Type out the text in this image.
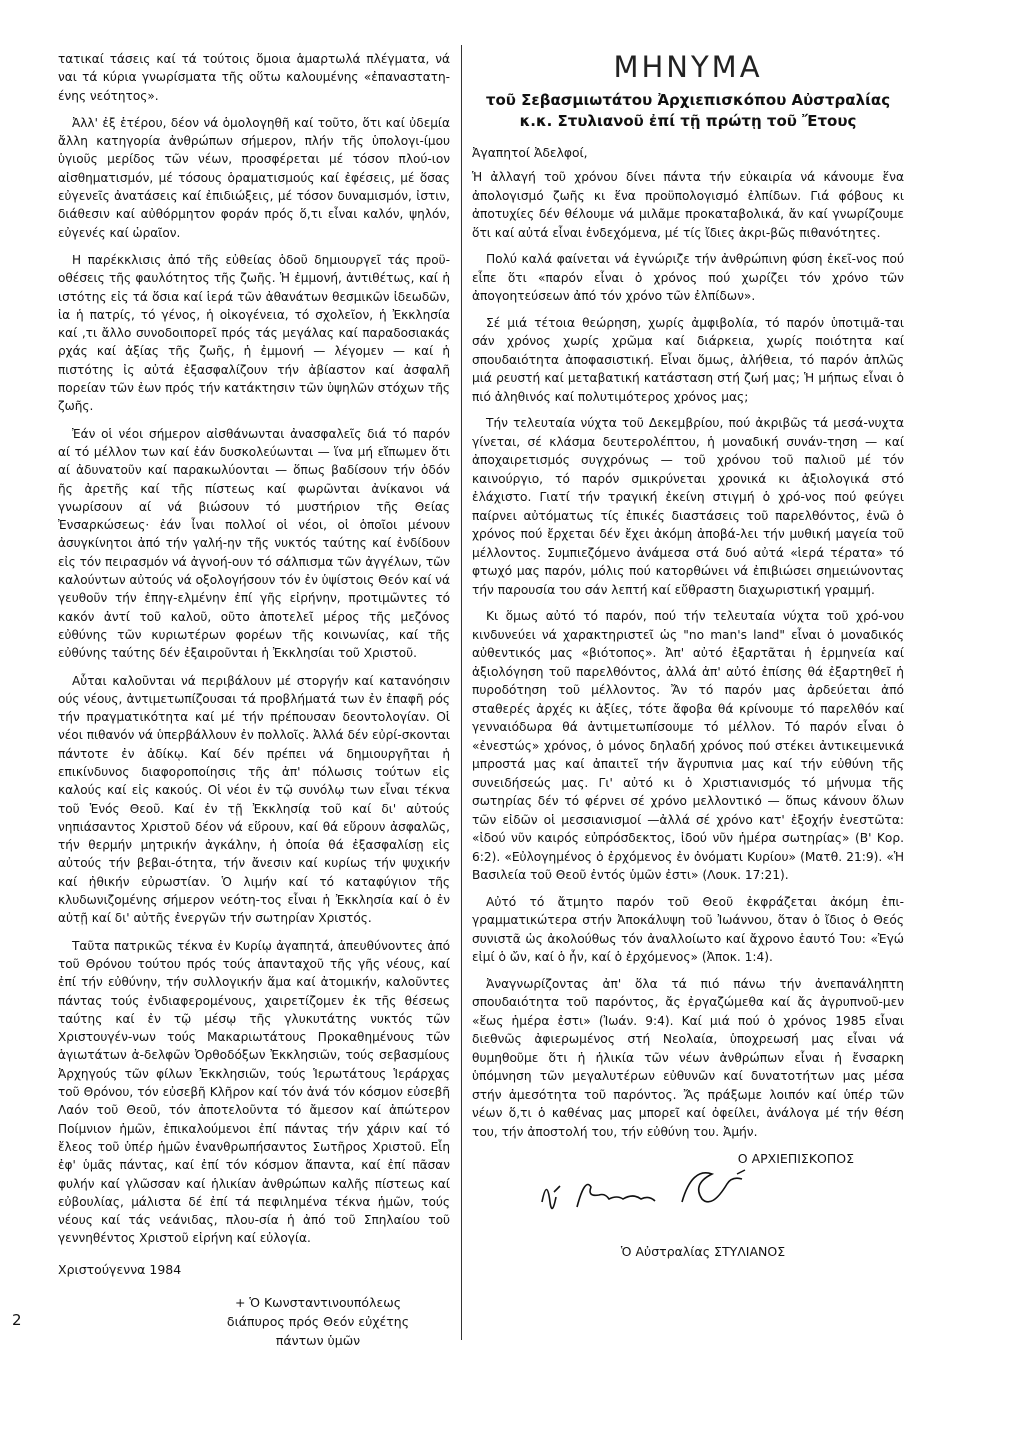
τατικαί τάσεις καί τά τούτοις ὅμοια ἁμαρτωλά πλέγματα, νά ναι τά κύρια γνωρίσματα τῆς οὕτω καλουμένης «ἐπαναστατη-ένης νεότητος».

Ἀλλ' ἐξ ἑτέρου, δέον νά ὁμολογηθῆ καί τοῦτο, ὅτι καί ὐδεμία ἄλλη κατηγορία ἀνθρώπων σήμερον, πλήν τῆς ὑπολογι-ίμου ὑγιοῦς μερίδος τῶν νέων, προσφέρεται μέ τόσον πλού-ιον αἰσθηματισμόν, μέ τόσους ὁραματισμούς καί ἐφέσεις, μέ ὅσας εὐγενεῖς ἀνατάσεις καί ἐπιδιώξεις, μέ τόσον δυναμισμόν, ἰστιν, διάθεσιν καί αὐθόρμητον φοράν πρός ὅ,τι εἶναι καλόν, ψηλόν, εὐγενές καί ὡραῖον.

Η παρέκκλισις ἀπό τῆς εὐθείας ὁδοῦ δημιουργεῖ τάς προϋ-οθέσεις τῆς φαυλότητος τῆς ζωῆς. Ἡ ἐμμονή, ἀντιθέτως, καί ἡ ιστότης εἰς τά ὅσια καί ἱερά τῶν ἀθανάτων θεσμικῶν ἰδεωδῶν, ἰα ἡ πατρίς, τό γένος, ἡ οἰκογένεια, τό σχολεῖον, ἡ Ἐκκλησία καί ,τι ἄλλο συνοδοιπορεῖ πρός τάς μεγάλας καί παραδοσιακάς ρχάς καί ἀξίας τῆς ζωῆς, ἡ ἐμμονή — λέγομεν — καί ἡ πιστότης ἰς αὐτά ἐξασφαλίζουν τήν ἀβίαστον καί ἀσφαλῆ πορείαν τῶν ἐων πρός τήν κατάκτησιν τῶν ὑψηλῶν στόχων τῆς ζωῆς.

Ἐάν οἱ νέοι σήμερον αἰσθάνωνται ἀνασφαλεῖς διά τό παρόν αί τό μέλλον των καί ἐάν δυσκολεύωνται — ἵνα μή εἴπωμεν ὅτι αί ἀδυνατοῦν καί παρακωλύονται — ὅπως βαδίσουν τήν ὁδόν ῆς ἀρετῆς καί τῆς πίστεως καί φωρῶνται ἀνίκανοι νά γνωρίσουν αί νά βιώσουν τό μυστήριον τῆς Θείας Ἐνσαρκώσεως· ἐάν ἶναι πολλοί οἱ νέοι, οἱ ὁποῖοι μένουν ἀσυγκίνητοι ἀπό τήν γαλή-ην τῆς νυκτός ταύτης καί ἐνδίδουν εἰς τόν πειρασμόν νά ἀγνοή-ουν τό σάλπισμα τῶν ἀγγέλων, τῶν καλούντων αὐτούς νά οξολογήσουν τόν ἐν ὑψίστοις Θεόν καί νά γευθοῦν τήν ἐπηγ-ελμένην ἐπί γῆς εἰρήνην, προτιμῶντες τό κακόν ἀντί τοῦ καλοῦ, οῦτο ἀποτελεῖ μέρος τῆς μεζόνος εὐθύνης τῶν κυριωτέρων φορέων τῆς κοινωνίας, καί τῆς εὐθύνης ταύτης δέν ἐξαιροῦνται ἡ Ἐκκλησίαι τοῦ Χριστοῦ.

Αὗται καλοῦνται νά περιβάλουν μέ στοργήν καί κατανόησιν ούς νέους, ἀντιμετωπίζουσαι τά προβλήματά των ἐν ἐπαφῆ ρός τήν πραγματικότητα καί μέ τήν πρέπουσαν δεοντολογίαν. Οἱ νέοι πιθανόν νά ὑπερβάλλουν ἐν πολλοῖς. Ἀλλά δέν εὐρί-σκονται πάντοτε ἐν ἀδίκῳ. Καί δέν πρέπει νά δημιουργῆται ἡ επικίνδυνος διαφοροποίησις τῆς ἀπ' πόλωσις τούτων εἰς καλούς καί εἰς κακούς. Οἱ νέοι ἐν τῷ συνόλῳ των εἶναι τέκνα τοῦ Ἑνός Θεοῦ. Καί ἐν τῇ Ἐκκλησίᾳ τοῦ καί δι' αὐτούς νηπιάσαντος Χριστοῦ δέον νά εὕρουν, καί θά εὕρουν ἀσφαλῶς, τήν θερμήν μητρικήν ἀγκάλην, ἡ ὁποία θά ἐξασφαλίσῃ εἰς αὐτούς τήν βεβαι-ότητα, τήν ἄνεσιν καί κυρίως τήν ψυχικήν καί ἠθικήν εὐρωστίαν. Ὁ λιμήν καί τό καταφύγιον τῆς κλυδωνιζομένης σήμερον νεότη-τος εἶναι ἡ Ἐκκλησία καί ὁ ἐν αὐτῇ καί δι' αὐτῆς ἐνεργῶν τήν σωτηρίαν Χριστός.

Ταῦτα πατρικῶς τέκνα ἐν Κυρίῳ ἀγαπητά, ἀπευθύνοντες ἀπό τοῦ Θρόνου τούτου πρός τούς ἁπανταχοῦ τῆς γῆς νέους, καί ἐπί τήν εὐθύνην, τήν συλλογικήν ἅμα καί ἀτομικήν, καλοῦντες πάντας τούς ἐνδιαφερομένους, χαιρετίζομεν ἐκ τῆς θέσεως ταύτης καί ἐν τῷ μέσῳ τῆς γλυκυτάτης νυκτός τῶν Χριστουγέν-νων τούς Μακαριωτάτους Προκαθημένους τῶν ἁγιωτάτων ἀ-δελφῶν Ὀρθοδόξων Ἐκκλησιῶν, τούς σεβασμίους Ἀρχηγούς τῶν φίλων Ἐκκλησιῶν, τούς Ἱερωτάτους Ἱεράρχας τοῦ Θρόνου, τόν εὐσεβῆ Κλῆρον καί τόν ἀνά τόν κόσμον εὐσεβῆ Λαόν τοῦ Θεοῦ, τόν ἀποτελοῦντα τό ἄμεσον καί ἀπώτερον Ποίμνιον ἡμῶν, ἐπικαλούμενοι ἐπί πάντας τήν χάριν καί τό ἔλεος τοῦ ὑπέρ ἡμῶν ἐνανθρωπήσαντος Σωτῆρος Χριστοῦ. Εἶη ἐφ' ὑμᾶς πάντας, καί ἐπί τόν κόσμον ἅπαντα, καί ἐπί πᾶσαν φυλήν καί γλῶσσαν καί ἡλικίαν ἀνθρώπων καλῆς πίστεως καί εὐβουλίας, μάλιστα δέ ἐπί τά πεφιλημένα τέκνα ἡμῶν, τούς νέους καί τάς νεάνιδας, πλου-σία ἡ ἀπό τοῦ Σπηλαίου τοῦ γεννηθέντος Χριστοῦ εἰρήνη καί εὐλογία.

Χριστούγεννα 1984
+ Ὁ Κωνσταντινουπόλεως
διάπυρος πρός Θεόν εὐχέτης πάντων ὑμῶν
ΜΗΝΥΜΑ
τοῦ Σεβασμιωτάτου Ἀρχιεπισκόπου Αὐστραλίας
κ.κ. Στυλιανοῦ ἐπί τῇ πρώτῃ τοῦ Ἔτους
Ἀγαπητοί Ἀδελφοί,

Ἡ ἀλλαγή τοῦ χρόνου δίνει πάντα τήν εὐκαιρία νά κάνουμε ἕνα ἀπολογισμό ζωῆς κι ἕνα προϋπολογισμό ἐλπίδων. Γιά φόβους κι ἀποτυχίες δέν θέλουμε νά μιλᾶμε προκαταβολικά, ἄν καί γνωρίζουμε ὅτι καί αὐτά εἶναι ἐνδεχόμενα, μέ τίς ἴδιες ἀκρι-βῶς πιθανότητες.

Πολύ καλά φαίνεται νά ἐγνώριζε τήν ἀνθρώπινη φύση ἐκεῖ-νος πού εἶπε ὅτι «παρόν εἶναι ὁ χρόνος πού χωρίζει τόν χρόνο τῶν ἀπογοητεύσεων ἀπό τόν χρόνο τῶν ἐλπίδων».

Σέ μιά τέτοια θεώρηση, χωρίς ἀμφιβολία, τό παρόν ὑποτιμᾶ-ται σάν χρόνος χωρίς χρῶμα καί διάρκεια, χωρίς ποιότητα καί σπουδαιότητα ἀποφασιστική. Εἶναι ὅμως, ἀλήθεια, τό παρόν ἁπλῶς μιά ρευστή καί μεταβατική κατάσταση στή ζωή μας; Ἡ μήπως εἶναι ὁ πιό ἀληθινός καί πολυτιμότερος χρόνος μας;

Τήν τελευταία νύχτα τοῦ Δεκεμβρίου, πού ἀκριβῶς τά μεσά-νυχτα γίνεται, σέ κλάσμα δευτερολέπτου, ἡ μοναδική συνάν-τηση — καί ἀποχαιρετισμός συγχρόνως — τοῦ χρόνου τοῦ παλιοῦ μέ τόν καινούργιο, τό παρόν σμικρύνεται χρονικά κι ἀξιολογικά στό ἐλάχιστο. Γιατί τήν τραγική ἐκείνη στιγμή ὁ χρό-νος πού φεύγει παίρνει αὐτόματως τίς ἐπικές διαστάσεις τοῦ παρελθόντος, ἐνῶ ὁ χρόνος πού ἔρχεται δέν ἔχει ἀκόμη ἀποβά-λει τήν μυθική μαγεία τοῦ μέλλοντος. Συμπιεζόμενο ἀνάμεσα στά δυό αὐτά «ἱερά τέρατα» τό φτωχό μας παρόν, μόλις πού κατορθώνει νά ἐπιβιώσει σημειώνοντας τήν παρουσία του σάν λεπτή καί εὔθραστη διαχωριστική γραμμή.

Κι ὅμως αὐτό τό παρόν, πού τήν τελευταία νύχτα τοῦ χρό-νου κινδυνεύει νά χαρακτηριστεῖ ὡς "no man's land" εἶναι ὁ μοναδικός αὐθεντικός μας «βιότοπος». Ἀπ' αὐτό ἐξαρτᾶται ἡ ἑρμηνεία καί ἀξιολόγηση τοῦ παρελθόντος, ἀλλά ἀπ' αὐτό ἐπίσης θά ἐξαρτηθεῖ ἡ πυροδότηση τοῦ μέλλοντος. Ἄν τό παρόν μας ἀρδεύεται ἀπό σταθερές ἀρχές κι ἀξίες, τότε ἄφοβα θά κρίνουμε τό παρελθόν καί γενναιόδωρα θά ἀντιμετωπίσουμε τό μέλλον. Τό παρόν εἶναι ὁ «ἐνεστώς» χρόνος, ὁ μόνος δηλαδή χρόνος πού στέκει ἀντικειμενικά μπροστά μας καί ἀπαιτεῖ τήν ἄγρυπνια μας καί τήν εὐθύνη τῆς συνειδήσεώς μας. Γι' αὐτό κι ὁ Χριστιανισμός τό μήνυμα τῆς σωτηρίας δέν τό φέρνει σέ χρόνο μελλοντικό — ὅπως κάνουν ὅλων τῶν εἰδῶν οἱ μεσσιανισμοί —ἀλλά σέ χρόνο κατ' ἐξοχήν ἐνεστῶτα: «ἰδού νῦν καιρός εὐπρόσδεκτος, ἰδού νῦν ἡμέρα σωτηρίας» (Β' Κορ. 6:2). «Εὐλογημένος ὁ ἐρχόμενος ἐν ὀνόματι Κυρίου» (Ματθ. 21:9). «Ἡ Βασιλεία τοῦ Θεοῦ ἐντός ὑμῶν ἐστι» (Λουκ. 17:21).

Αὐτό τό ἄτμητο παρόν τοῦ Θεοῦ ἐκφράζεται ἀκόμη ἐπι-γραμματικώτερα στήν Ἀποκάλυψη τοῦ Ἰωάννου, ὅταν ὁ ἴδιος ὁ Θεός συνιστᾶ ὡς ἀκολούθως τόν ἀναλλοίωτο καί ἄχρονο ἑαυτό Του: «Ἐγώ εἰμί ὁ ὤν, καί ὁ ἦν, καί ὁ ἐρχόμενος» (Ἀποκ. 1:4).

Ἀναγνωρίζοντας ἀπ' ὅλα τά πιό πάνω τήν ἀνεπανάληπτη σπουδαιότητα τοῦ παρόντος, ἄς ἐργαζώμεθα καί ἄς ἀγρυπνοῦ-μεν «ἕως ἡμέρα ἐστι» (Ἰωάν. 9:4). Καί μιά πού ὁ χρόνος 1985 εἶναι διεθνῶς ἀφιερωμένος στή Νεολαία, ὑποχρεωσή μας εἶναι νά θυμηθοῦμε ὅτι ἡ ἡλικία τῶν νέων ἀνθρώπων εἶναι ἡ ἔνσαρκη ὑπόμνηση τῶν μεγαλυτέρων εὐθυνῶν καί δυνατοτήτων μας μέσα στήν ἀμεσότητα τοῦ παρόντος. Ἄς πράξωμε λοιπόν καί ὑπέρ τῶν νέων ὅ,τι ὁ καθένας μας μπορεῖ καί ὀφείλει, ἀνάλογα μέ τήν θέση του, τήν ἀποστολή του, τήν εὐθύνη του. Ἀμήν.

Ο ΑΡΧΙΕΠΙΣΚΟΠΟΣ
Ὁ Αὐστραλίας ΣΤΥΛΙΑΝΟΣ
2
